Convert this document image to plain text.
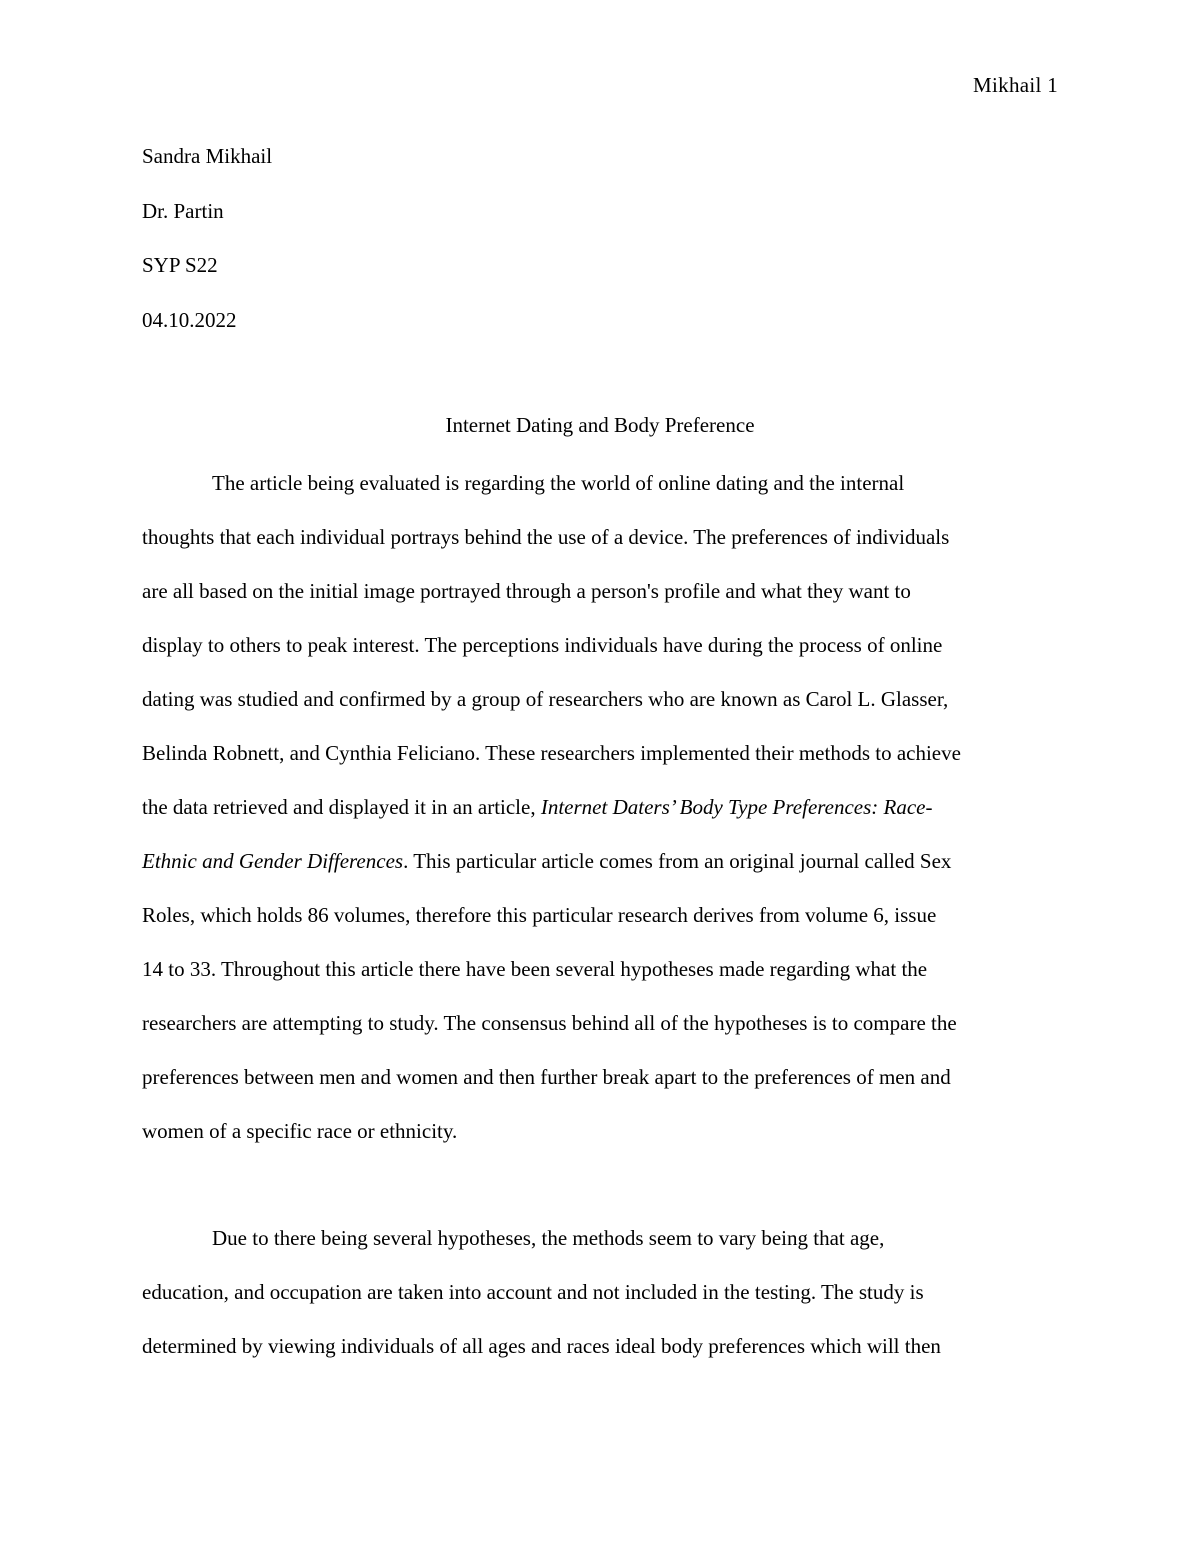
Mikhail 1
Sandra Mikhail
Dr. Partin
SYP S22
04.10.2022
Internet Dating and Body Preference
The article being evaluated is regarding the world of online dating and the internal
thoughts that each individual portrays behind the use of a device. The preferences of individuals
are all based on the initial image portrayed through a person's profile and what they want to
display to others to peak interest. The perceptions individuals have during the process of online
dating was studied and confirmed by a group of researchers who are known as Carol L. Glasser,
Belinda Robnett, and Cynthia Feliciano. These researchers implemented their methods to achieve
the data retrieved and displayed it in an article, Internet Daters’ Body Type Preferences: Race-
Ethnic and Gender Differences. This particular article comes from an original journal called Sex
Roles, which holds 86 volumes, therefore this particular research derives from volume 6, issue
14 to 33. Throughout this article there have been several hypotheses made regarding what the
researchers are attempting to study. The consensus behind all of the hypotheses is to compare the
preferences between men and women and then further break apart to the preferences of men and
women of a specific race or ethnicity.
Due to there being several hypotheses, the methods seem to vary being that age,
education, and occupation are taken into account and not included in the testing. The study is
determined by viewing individuals of all ages and races ideal body preferences which will then
